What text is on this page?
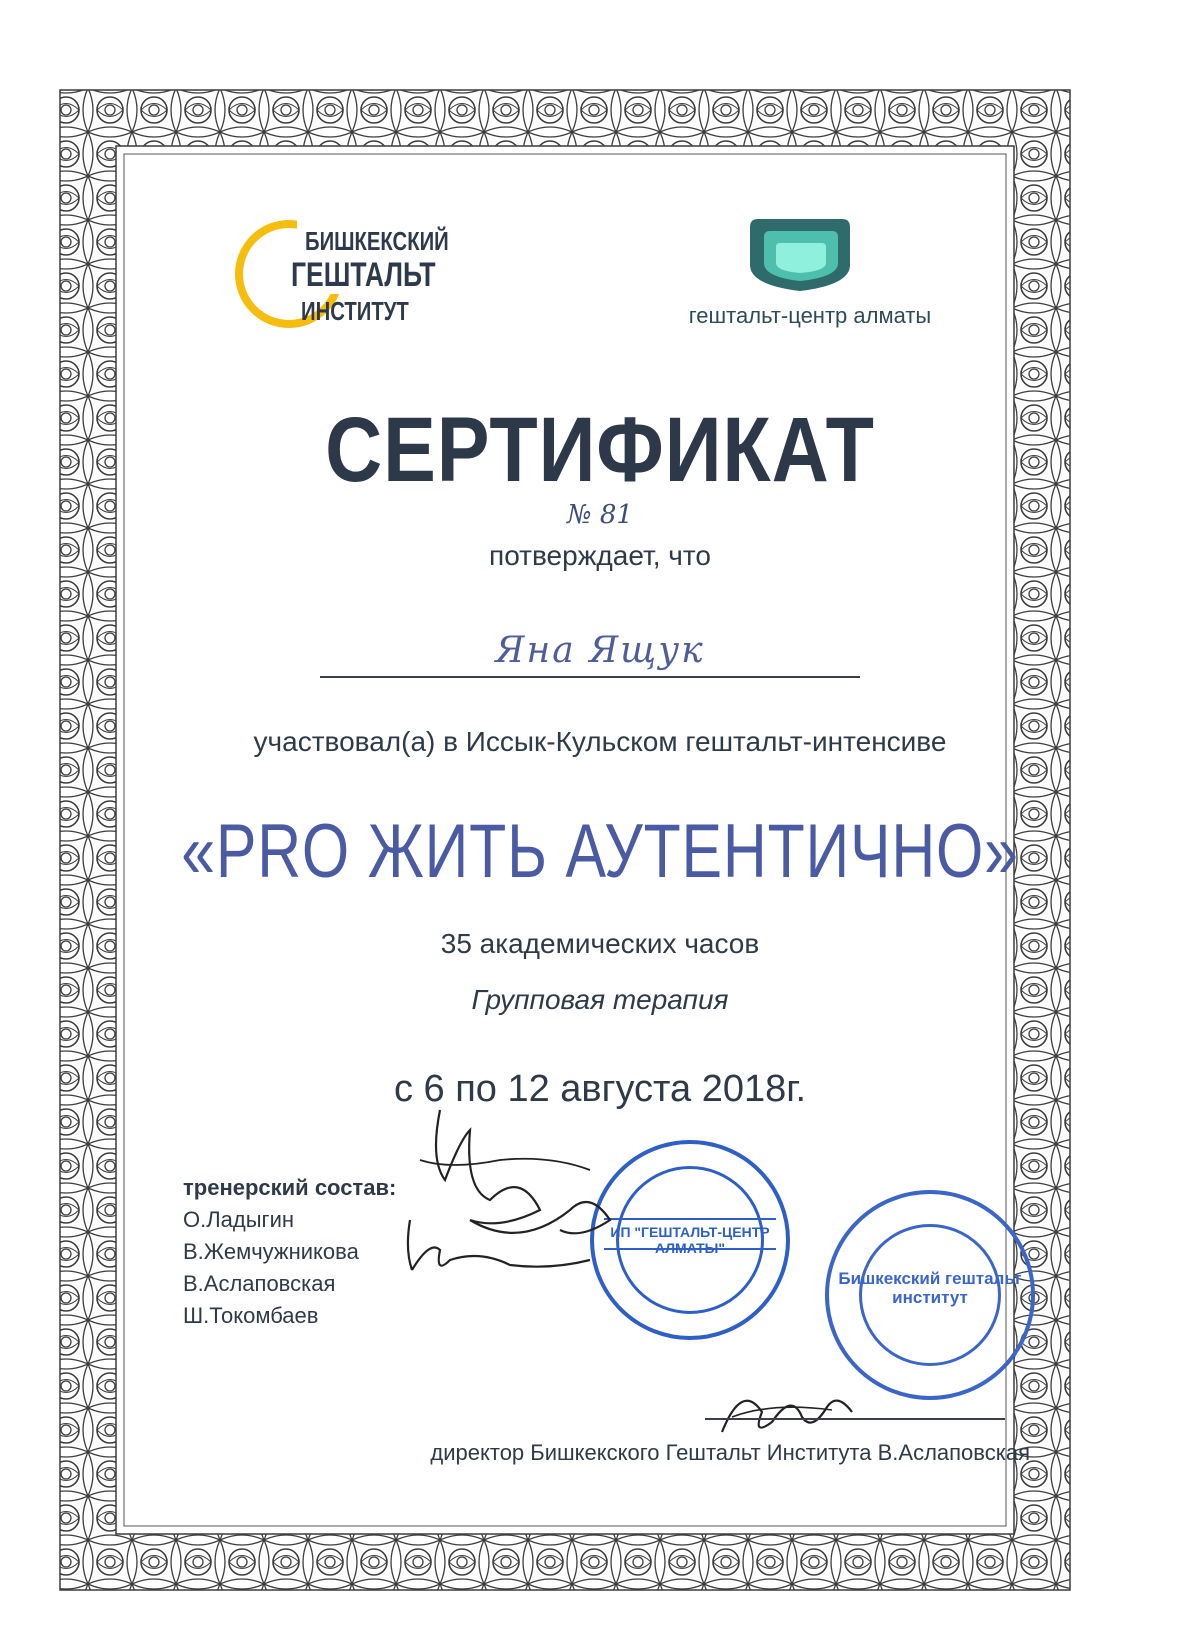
БИШКЕКСКИЙ
ГЕШТАЛЬТ
ИНСТИТУТ	гештальт-центр алматы
СЕРТИФИКАТ
№ 81
потверждает, что
Яна Ящук
участвовал(а) в Иссык-Кульском гештальт-интенсиве
«PRO ЖИТЬ АУТЕНТИЧНО»
35 академических часов
Групповая терапия
с 6 по 12 августа 2018г.
тренерский состав:
О.Ладыгин
В.Жемчужникова
В.Аслаповская
Ш.Токомбаев
ИП "ГЕШТАЛЬТ-ЦЕНТР АЛМАТЫ"
Бишкекский гештальт институт
директор Бишкекского Гештальт Института В.Аслаповская
